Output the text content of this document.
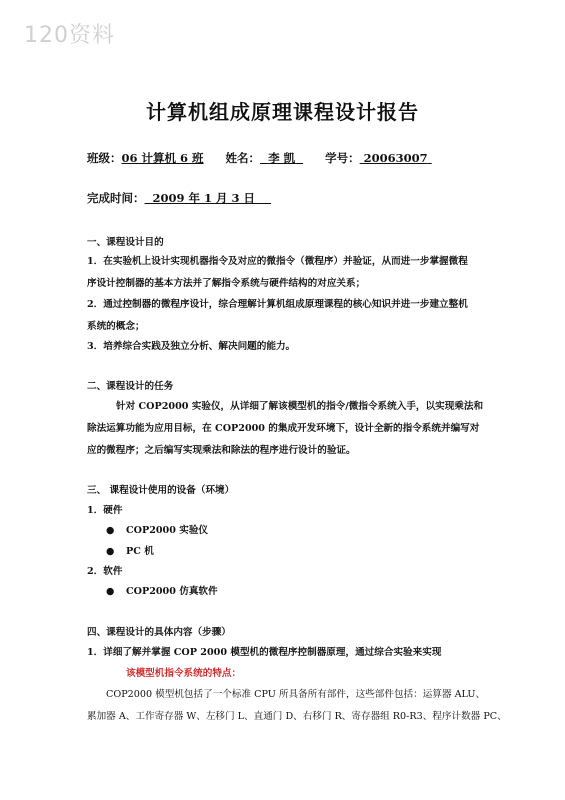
120资料
计算机组成原理课程设计报告
班级：06 计算机 6 班 姓名： 李 凯	学号： 20063007
完成时间： 2009 年 1 月 3 日
一、课程设计目的
1．在实验机上设计实现机器指令及对应的微指令（微程序）并验证，从而进一步掌握微程
序设计控制器的基本方法并了解指令系统与硬件结构的对应关系；
2．通过控制器的微程序设计，综合理解计算机组成原理课程的核心知识并进一步建立整机
系统的概念；
3．培养综合实践及独立分析、解决问题的能力。
二、课程设计的任务
针对 COP2000 实验仪，从详细了解该模型机的指令/微指令系统入手，以实现乘法和
除法运算功能为应用目标，在 COP2000 的集成开发环境下，设计全新的指令系统并编写对
应的微程序；之后编写实现乘法和除法的程序进行设计的验证。
三、 课程设计使用的设备（环境）
1．硬件
● COP2000 实验仪
● PC 机
2．软件
● COP2000 仿真软件
四、课程设计的具体内容（步骤）
1．详细了解并掌握 COP 2000 模型机的微程序控制器原理，通过综合实验来实现
该模型机指令系统的特点：
COP2000 模型机包括了一个标准 CPU 所具备所有部件，这些部件包括：运算器 ALU、
累加器 A、工作寄存器 W、左移门 L、直通门 D、右移门 R、寄存器组 R0-R3、程序计数器 PC、
